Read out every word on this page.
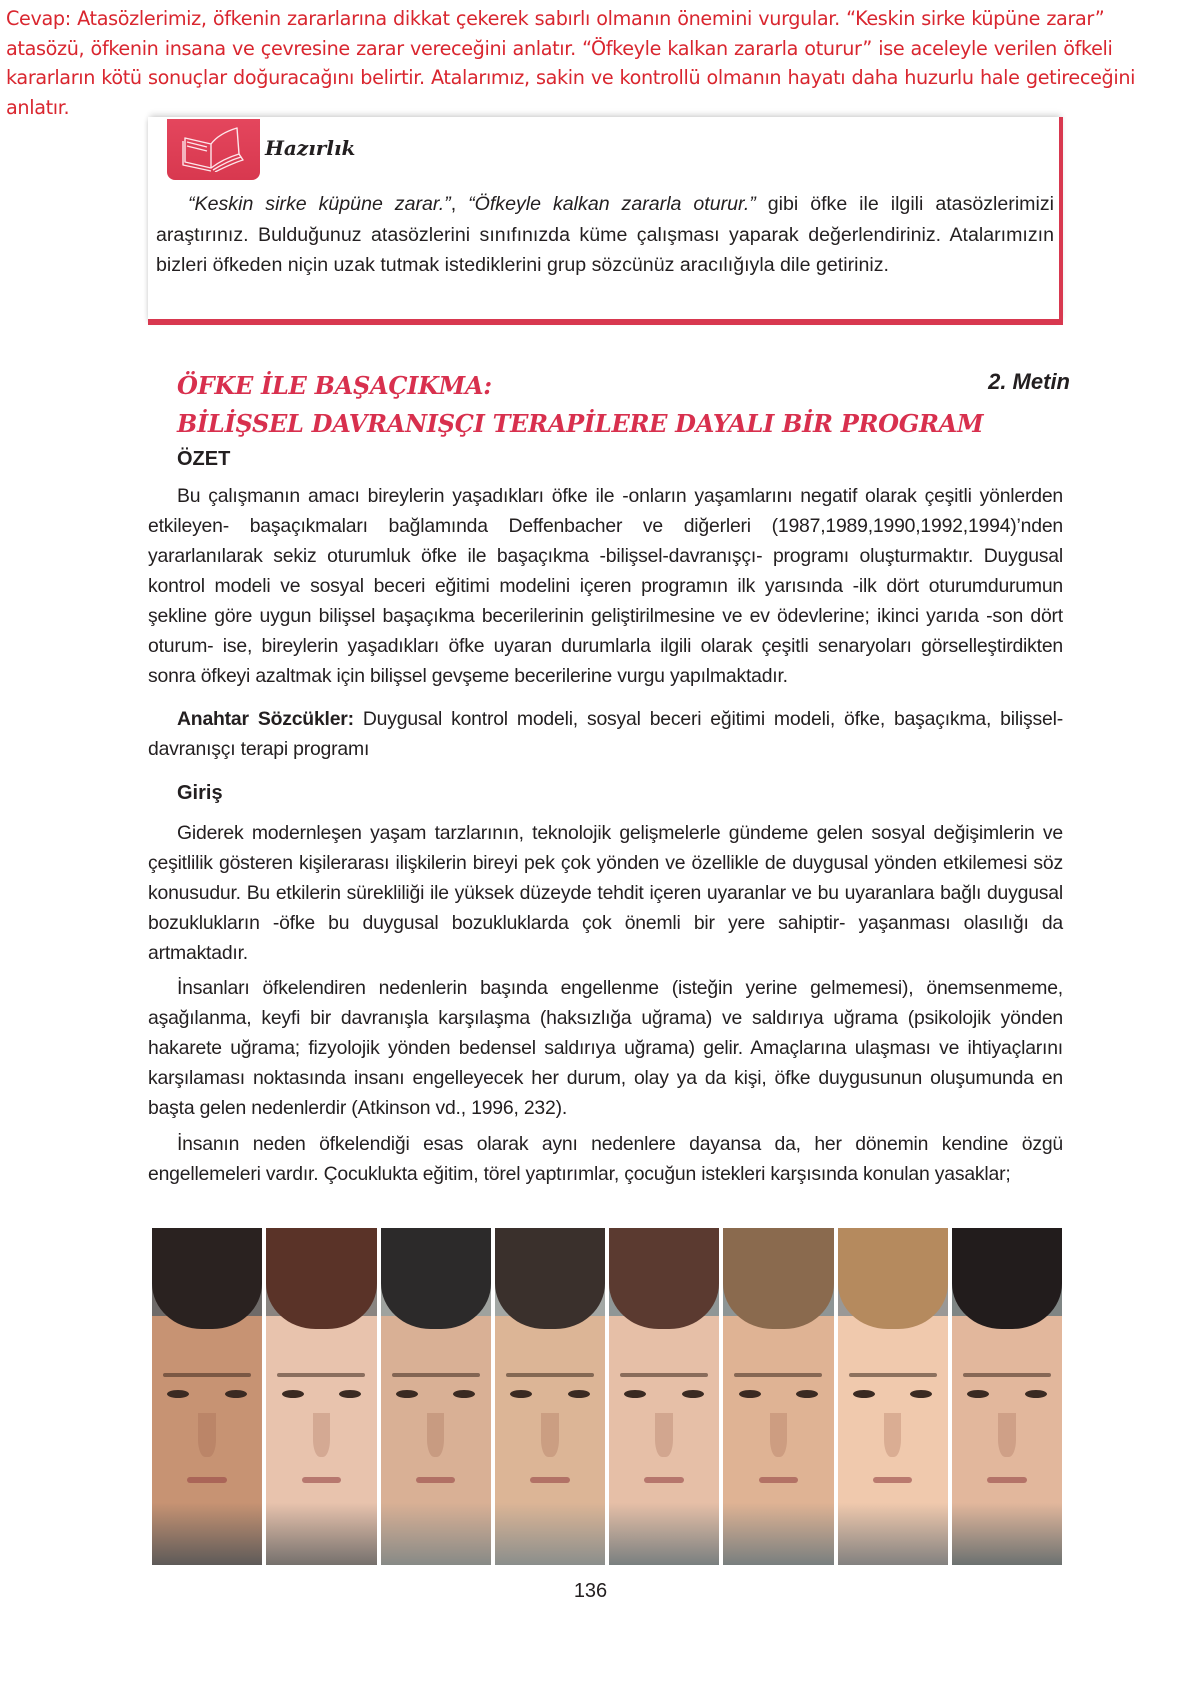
Cevap: Atasözlerimiz, öfkenin zararlarına dikkat çekerek sabırlı olmanın önemini vurgular. “Keskin sirke küpüne zarar” atasözü, öfkenin insana ve çevresine zarar vereceğini anlatır. “Öfkeyle kalkan zararla oturur” ise aceleyle verilen öfkeli kararların kötü sonuçlar doğuracağını belirtir. Atalarımız, sakin ve kontrollü olmanın hayatı daha huzurlu hale getireceğini anlatır.
Hazırlık

“Keskin sirke küpüne zarar.”, “Öfkeyle kalkan zararla oturur.” gibi öfke ile ilgili atasözlerimizi araştırınız. Bulduğunuz atasözlerini sınıfınızda küme çalışması yaparak değerlendiriniz. Atalarımızın bizleri öfkeden niçin uzak tutmak istediklerini grup sözcünüz aracılığıyla dile getiriniz.

ÖFKE İLE BAŞAÇIKMA:
BİLİŞSEL DAVRANIŞÇI TERAPİLERE DAYALI BİR PROGRAM
2. Metin
ÖZET

Bu çalışmanın amacı bireylerin yaşadıkları öfke ile -onların yaşamlarını negatif olarak çeşitli yönlerden etkileyen- başaçıkmaları bağlamında Deffenbacher ve diğerleri (1987,1989,1990,1992,1994)’nden yararlanılarak sekiz oturumluk öfke ile başaçıkma -bilişsel-davranışçı- programı oluşturmaktır. Duygusal kontrol modeli ve sosyal beceri eğitimi modelini içeren programın ilk yarısında -ilk dört oturumdurumun şekline göre uygun bilişsel başaçıkma becerilerinin geliştirilmesine ve ev ödevlerine; ikinci yarıda -son dört oturum- ise, bireylerin yaşadıkları öfke uyaran durumlarla ilgili olarak çeşitli senaryoları görselleştirdikten sonra öfkeyi azaltmak için bilişsel gevşeme becerilerine vurgu yapılmaktadır.

Anahtar Sözcükler: Duygusal kontrol modeli, sosyal beceri eğitimi modeli, öfke, başaçıkma, bilişsel-davranışçı terapi programı

Giriş

Giderek modernleşen yaşam tarzlarının, teknolojik gelişmelerle gündeme gelen sosyal değişimlerin ve çeşitlilik gösteren kişilerarası ilişkilerin bireyi pek çok yönden ve özellikle de duygusal yönden etkilemesi söz konusudur. Bu etkilerin sürekliliği ile yüksek düzeyde tehdit içeren uyaranlar ve bu uyaranlara bağlı duygusal bozuklukların -öfke bu duygusal bozukluklarda çok önemli bir yere sahiptir- yaşanması olasılığı da artmaktadır.

İnsanları öfkelendiren nedenlerin başında engellenme (isteğin yerine gelmemesi), önemsenmeme, aşağılanma, keyfi bir davranışla karşılaşma (haksızlığa uğrama) ve saldırıya uğrama (psikolojik yönden hakarete uğrama; fizyolojik yönden bedensel saldırıya uğrama) gelir. Amaçlarına ulaşması ve ihtiyaçlarını karşılaması noktasında insanı engelleyecek her durum, olay ya da kişi, öfke duygusunun oluşumunda en başta gelen nedenlerdir (Atkinson vd., 1996, 232).

İnsanın neden öfkelendiği esas olarak aynı nedenlere dayansa da, her dönemin kendine özgü engellemeleri vardır. Çocuklukta eğitim, törel yaptırımlar, çocuğun istekleri karşısında konulan yasaklar;

136
